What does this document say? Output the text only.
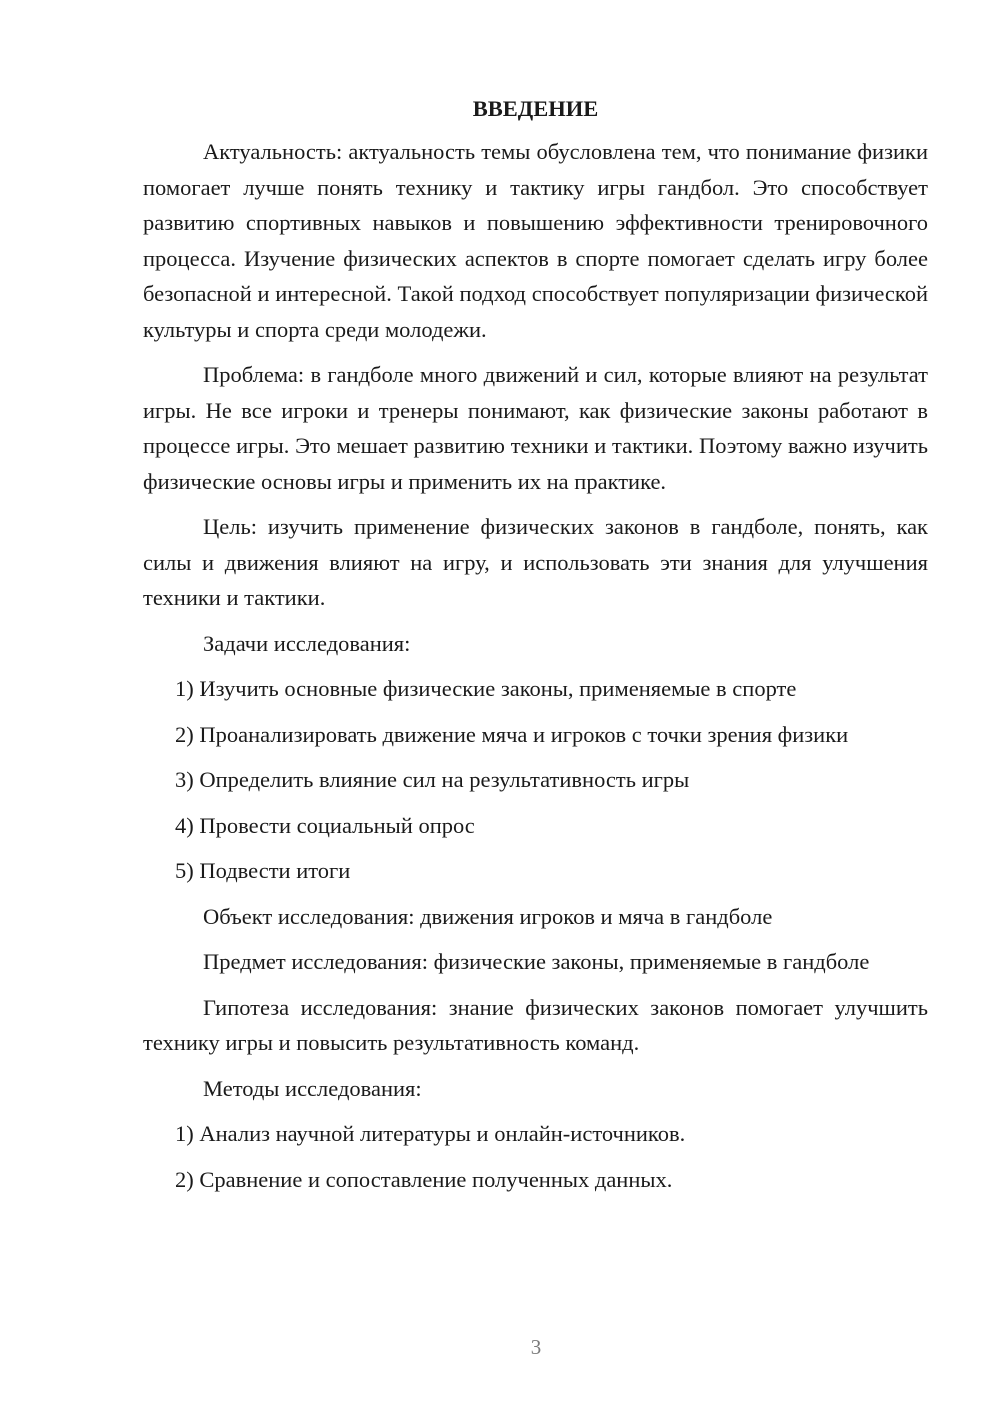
ВВЕДЕНИЕ

Актуальность: актуальность темы обусловлена тем, что понимание физики помогает лучше понять технику и тактику игры гандбол. Это способствует развитию спортивных навыков и повышению эффективности тренировочного процесса. Изучение физических аспектов в спорте помогает сделать игру более безопасной и интересной. Такой подход способствует популяризации физической культуры и спорта среди молодежи.

Проблема: в гандболе много движений и сил, которые влияют на результат игры. Не все игроки и тренеры понимают, как физические законы работают в процессе игры. Это мешает развитию техники и тактики. Поэтому важно изучить физические основы игры и применить их на практике.

Цель: изучить применение физических законов в гандболе, понять, как силы и движения влияют на игру, и использовать эти знания для улучшения техники и тактики.

Задачи исследования:

1) Изучить основные физические законы, применяемые в спорте

2) Проанализировать движение мяча и игроков с точки зрения физики

3) Определить влияние сил на результативность игры

4) Провести социальный опрос

5) Подвести итоги

Объект исследования: движения игроков и мяча в гандболе

Предмет исследования: физические законы, применяемые в гандболе

Гипотеза исследования: знание физических законов помогает улучшить технику игры и повысить результативность команд.

Методы исследования:

1) Анализ научной литературы и онлайн-источников.

2) Сравнение и сопоставление полученных данных.

3
